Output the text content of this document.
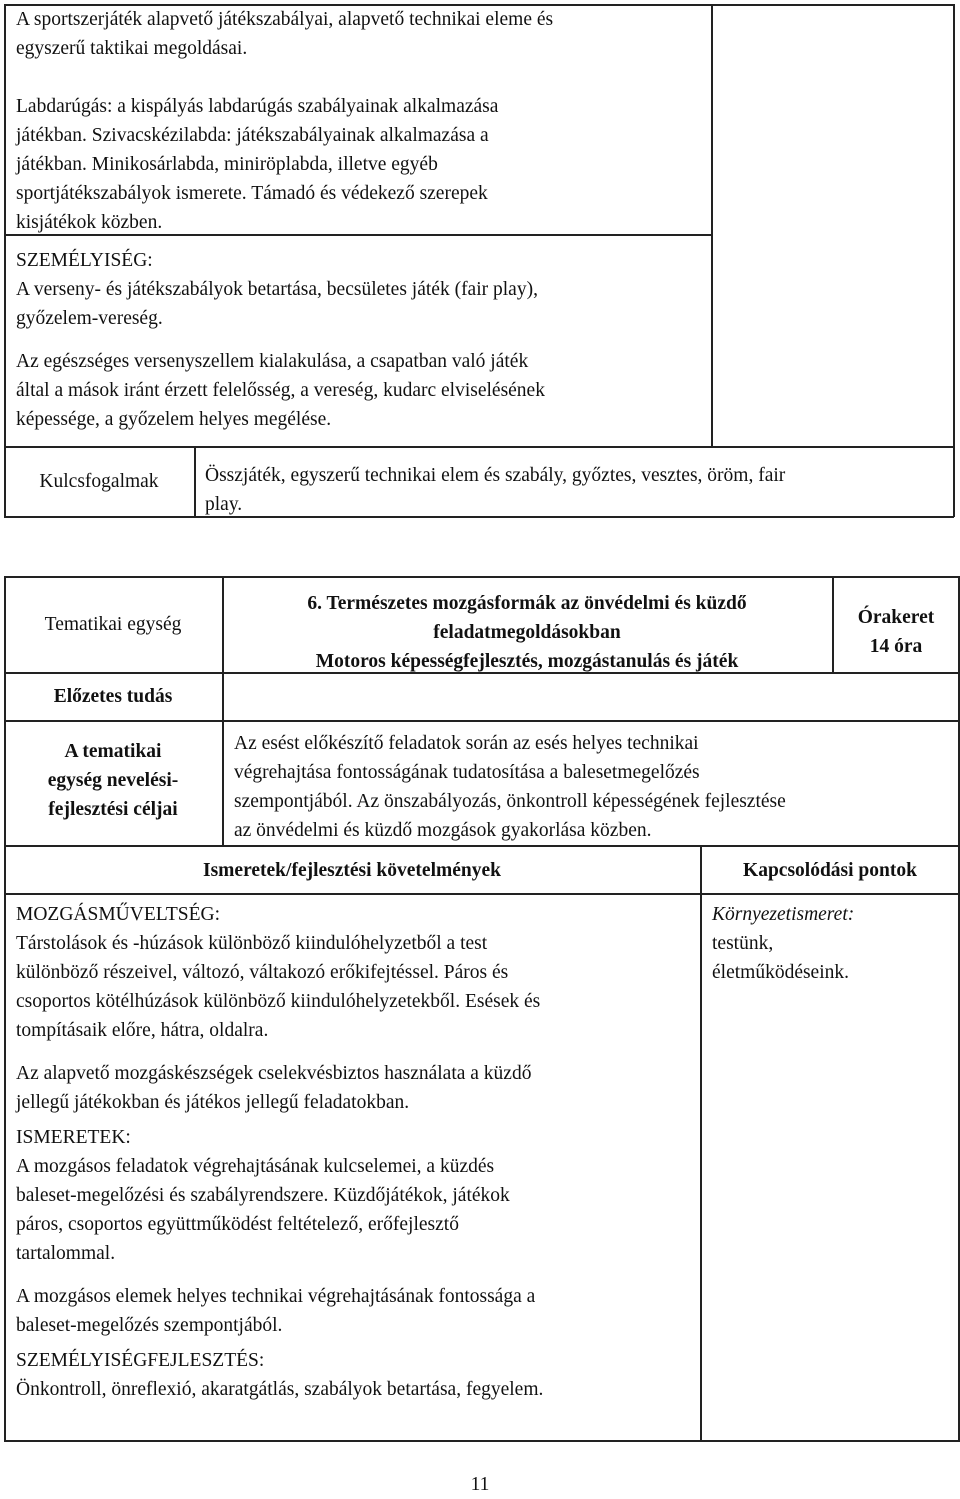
A sportszerjáték alapvető játékszabályai, alapvető technikai eleme és

egyszerű taktikai megoldásai.

Labdarúgás: a kispályás labdarúgás szabályainak alkalmazása

játékban. Szivacskézilabda: játékszabályainak alkalmazása a

játékban. Minikosárlabda, miniröplabda, illetve egyéb

sportjátékszabályok ismerete. Támadó és védekező szerepek

kisjátékok közben.

SZEMÉLYISÉG:

A verseny- és játékszabályok betartása, becsületes játék (fair play),

győzelem-vereség.

Az egészséges versenyszellem kialakulása, a csapatban való játék

által a mások iránt érzett felelősség, a vereség, kudarc elviselésének

képessége, a győzelem helyes megélése.

Kulcsfogalmak	Összjáték, egyszerű technikai elem és szabály, győztes, vesztes, öröm, fair

play.

Tematikai egység

6. Természetes mozgásformák az önvédelmi és küzdő

feladatmegoldásokban

Motoros képességfejlesztés, mozgástanulás és játék

Órakeret

14 óra

Előzetes tudás

A tematikai

egység nevelési-

fejlesztési céljai

Az esést előkészítő feladatok során az esés helyes technikai

végrehajtása fontosságának tudatosítása a balesetmegelőzés

szempontjából. Az önszabályozás, önkontroll képességének fejlesztése

az önvédelmi és küzdő mozgások gyakorlása közben.

Ismeretek/fejlesztési követelmények	Kapcsolódási pontok

MOZGÁSMŰVELTSÉG:

Társtolások és -húzások különböző kiindulóhelyzetből a test

különböző részeivel, változó, váltakozó erőkifejtéssel. Páros és

csoportos kötélhúzások különböző kiindulóhelyzetekből. Esések és

tompításaik előre, hátra, oldalra.

Az alapvető mozgáskészségek cselekvésbiztos használata a küzdő

jellegű játékokban és játékos jellegű feladatokban.

ISMERETEK:

A mozgásos feladatok végrehajtásának kulcselemei, a küzdés

baleset-megelőzési és szabályrendszere. Küzdőjátékok, játékok

páros, csoportos együttműködést feltételező, erőfejlesztő

tartalommal.

A mozgásos elemek helyes technikai végrehajtásának fontossága a

baleset-megelőzés szempontjából.

SZEMÉLYISÉGFEJLESZTÉS:

Önkontroll, önreflexió, akaratgátlás, szabályok betartása, fegyelem.

Környezetismeret:

testünk,

életműködéseink.

11
